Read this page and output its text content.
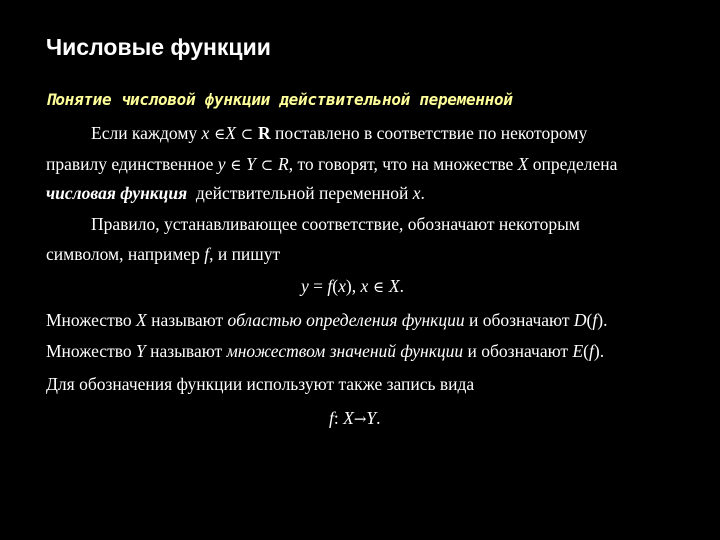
Числовые функции
Понятие числовой функции действительной переменной
Если каждому x ∈X ⊂ R поставлено в соответствие по некоторому
правилу единственное y ∈ Y ⊂ R, то говорят, что на множестве X определена
числовая функция  действительной переменной x.
Правило, устанавливающее соответствие, обозначают некоторым
символом, например f, и пишут
y = f(x), x ∈ X.
Множество X называют областью определения функции и обозначают D(f).
Множество Y называют множеством значений функции и обозначают E(f).
Для обозначения функции используют также запись вида
f: X→Y.
